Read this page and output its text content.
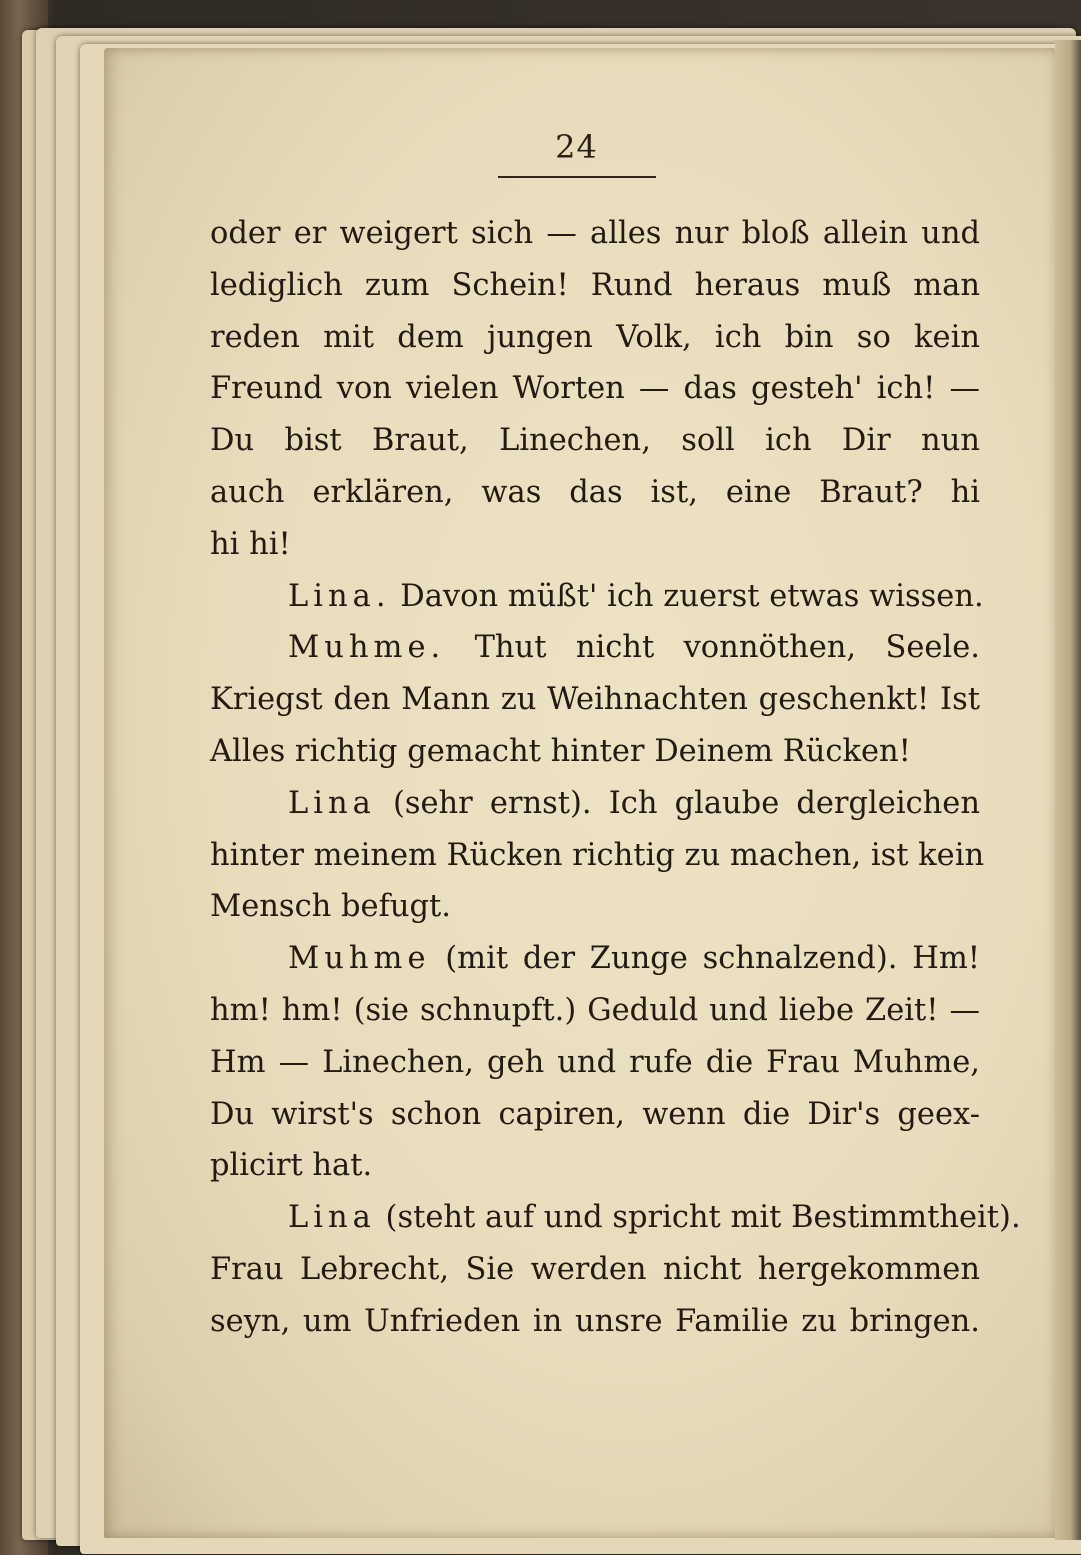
24
oder er weigert sich — alles nur bloß allein und
lediglich zum Schein! Rund heraus muß man
reden mit dem jungen Volk, ich bin so kein
Freund von vielen Worten — das gesteh' ich! —
Du bist Braut, Linechen, soll ich Dir nun
auch erklären, was das ist, eine Braut? hi
hi hi!
Lina. Davon müßt' ich zuerst etwas wissen.
Muhme. Thut nicht vonnöthen, Seele.
Kriegst den Mann zu Weihnachten geschenkt! Ist
Alles richtig gemacht hinter Deinem Rücken!
Lina (sehr ernst). Ich glaube dergleichen
hinter meinem Rücken richtig zu machen, ist kein
Mensch befugt.
Muhme (mit der Zunge schnalzend). Hm!
hm! hm! (sie schnupft.) Geduld und liebe Zeit! —
Hm — Linechen, geh und rufe die Frau Muhme,
Du wirst's schon capiren, wenn die Dir's geex-
plicirt hat.
Lina (steht auf und spricht mit Bestimmtheit).
Frau Lebrecht, Sie werden nicht hergekommen
seyn, um Unfrieden in unsre Familie zu bringen.
